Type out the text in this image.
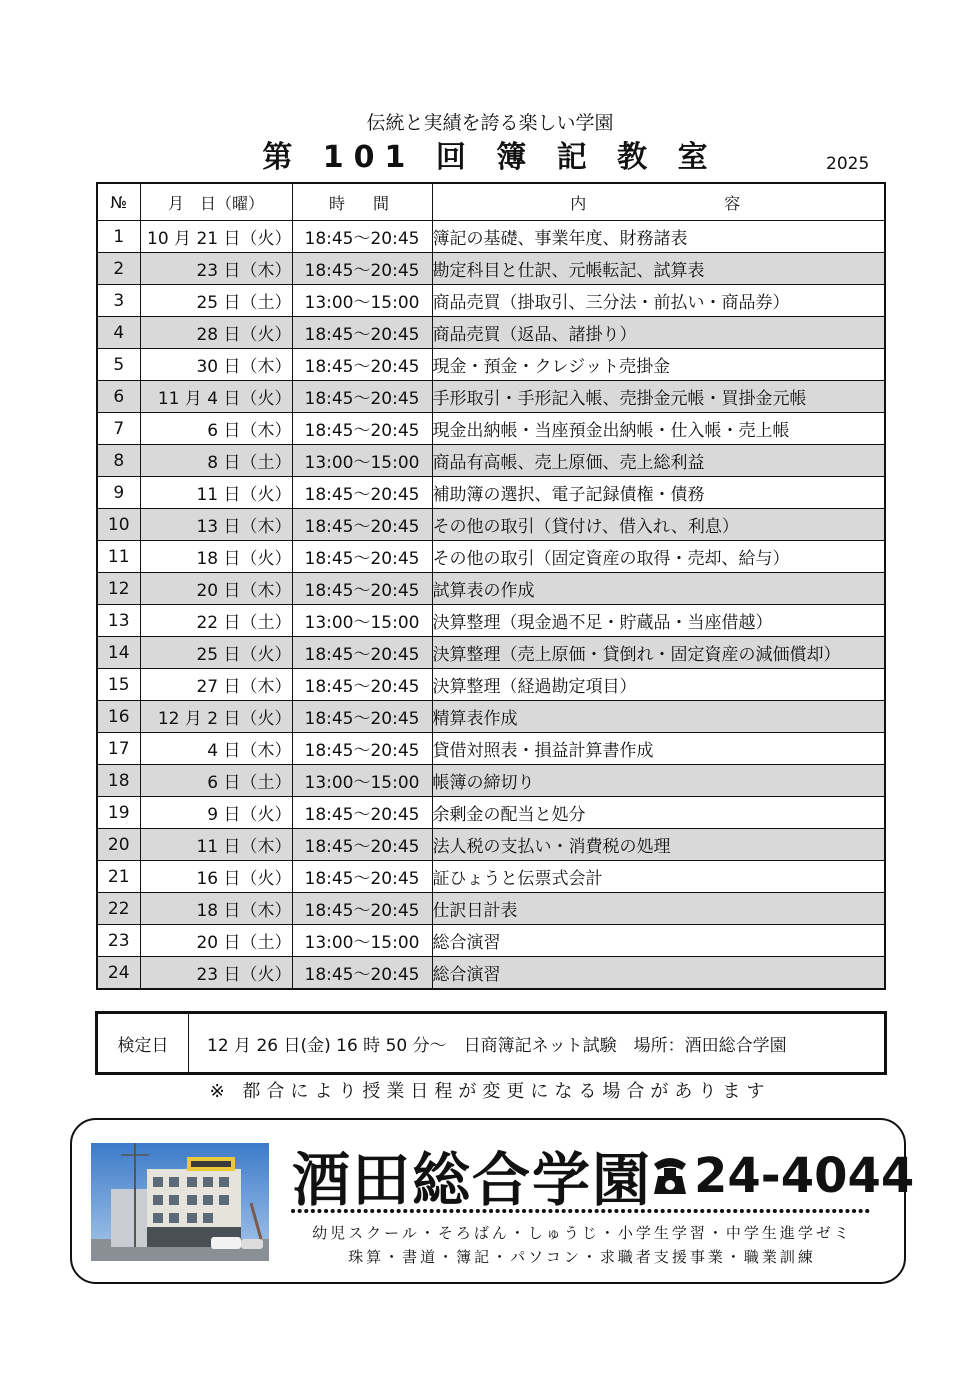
伝統と実績を誇る楽しい学園
第 101 回 簿 記 教 室	2025
№	月　日（曜）	時　間	内　　　　　　容
1	10 月 21 日（火）	18:45～20:45	簿記の基礎、事業年度、財務諸表
2	23 日（木）	18:45～20:45	勘定科目と仕訳、元帳転記、試算表
3	25 日（土）	13:00～15:00	商品売買（掛取引、三分法・前払い・商品券）
4	28 日（火）	18:45～20:45	商品売買（返品、諸掛り）
5	30 日（木）	18:45～20:45	現金・預金・クレジット売掛金
6	11 月 4 日（火）	18:45～20:45	手形取引・手形記入帳、売掛金元帳・買掛金元帳
7	6 日（木）	18:45～20:45	現金出納帳・当座預金出納帳・仕入帳・売上帳
8	8 日（土）	13:00～15:00	商品有高帳、売上原価、売上総利益
9	11 日（火）	18:45～20:45	補助簿の選択、電子記録債権・債務
10	13 日（木）	18:45～20:45	その他の取引（貸付け、借入れ、利息）
11	18 日（火）	18:45～20:45	その他の取引（固定資産の取得・売却、給与）
12	20 日（木）	18:45～20:45	試算表の作成
13	22 日（土）	13:00～15:00	決算整理（現金過不足・貯蔵品・当座借越）
14	25 日（火）	18:45～20:45	決算整理（売上原価・貸倒れ・固定資産の減価償却）
15	27 日（木）	18:45～20:45	決算整理（経過勘定項目）
16	12 月 2 日（火）	18:45～20:45	精算表作成
17	4 日（木）	18:45～20:45	貸借対照表・損益計算書作成
18	6 日（土）	13:00～15:00	帳簿の締切り
19	9 日（火）	18:45～20:45	余剰金の配当と処分
20	11 日（木）	18:45～20:45	法人税の支払い・消費税の処理
21	16 日（火）	18:45～20:45	証ひょうと伝票式会計
22	18 日（木）	18:45～20:45	仕訳日計表
23	20 日（土）	13:00～15:00	総合演習
24	23 日（火）	18:45～20:45	総合演習
検定日	12 月 26 日(金) 16 時 50 分～　日商簿記ネット試験　場所：酒田総合学園
※ 都合により授業日程が変更になる場合があります
酒田総合学園 24-4044
幼児スクール・そろばん・しゅうじ・小学生学習・中学生進学ゼミ
珠算・書道・簿記・パソコン・求職者支援事業・職業訓練
